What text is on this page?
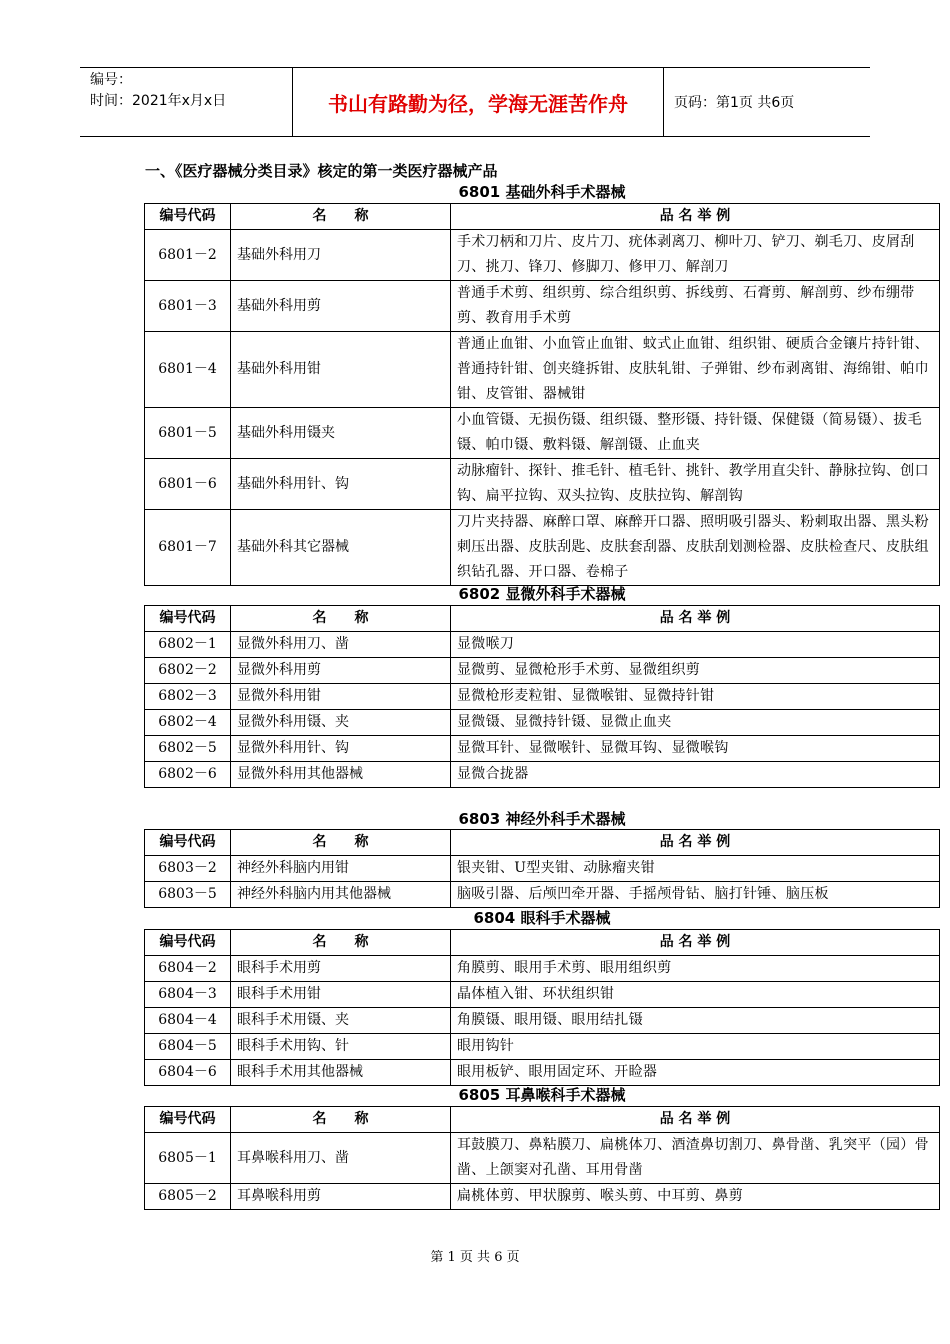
编号：
时间：2021年x月x日	书山有路勤为径，学海无涯苦作舟	页码：第1页 共6页
一、《医疗器械分类目录》核定的第一类医疗器械产品
6801 基础外科手术器械
编号代码	名　　称	品 名 举 例
6801－2	基础外科用刀	手术刀柄和刀片、皮片刀、疣体剥离刀、柳叶刀、铲刀、剃毛刀、皮屑刮刀、挑刀、锋刀、修脚刀、修甲刀、解剖刀
6801－3	基础外科用剪	普通手术剪、组织剪、综合组织剪、拆线剪、石膏剪、解剖剪、纱布绷带剪、教育用手术剪
6801－4	基础外科用钳	普通止血钳、小血管止血钳、蚊式止血钳、组织钳、硬质合金镶片持针钳、普通持针钳、创夹缝拆钳、皮肤轧钳、子弹钳、纱布剥离钳、海绵钳、帕巾钳、皮管钳、器械钳
6801－5	基础外科用镊夹	小血管镊、无损伤镊、组织镊、整形镊、持针镊、保健镊（简易镊）、拔毛镊、帕巾镊、敷料镊、解剖镊、止血夹
6801－6	基础外科用针、钩	动脉瘤针、探针、推毛针、植毛针、挑针、教学用直尖针、静脉拉钩、创口钩、扁平拉钩、双头拉钩、皮肤拉钩、解剖钩
6801－7	基础外科其它器械	刀片夹持器、麻醉口罩、麻醉开口器、照明吸引器头、粉刺取出器、黑头粉刺压出器、皮肤刮匙、皮肤套刮器、皮肤刮划测检器、皮肤检查尺、皮肤组织钻孔器、开口器、卷棉子
6802 显微外科手术器械
编号代码	名　　称	品 名 举 例
6802－1	显微外科用刀、凿	显微喉刀
6802－2	显微外科用剪	显微剪、显微枪形手术剪、显微组织剪
6802－3	显微外科用钳	显微枪形麦粒钳、显微喉钳、显微持针钳
6802－4	显微外科用镊、夹	显微镊、显微持针镊、显微止血夹
6802－5	显微外科用针、钩	显微耳针、显微喉针、显微耳钩、显微喉钩
6802－6	显微外科用其他器械	显微合拢器
6803 神经外科手术器械
编号代码	名　　称	品 名 举 例
6803－2	神经外科脑内用钳	银夹钳、U型夹钳、动脉瘤夹钳
6803－5	神经外科脑内用其他器械	脑吸引器、后颅凹牵开器、手摇颅骨钻、脑打针锤、脑压板
6804 眼科手术器械
编号代码	名　　称	品 名 举 例
6804－2	眼科手术用剪	角膜剪、眼用手术剪、眼用组织剪
6804－3	眼科手术用钳	晶体植入钳、环状组织钳
6804－4	眼科手术用镊、夹	角膜镊、眼用镊、眼用结扎镊
6804－5	眼科手术用钩、针	眼用钩针
6804－6	眼科手术用其他器械	眼用板铲、眼用固定环、开睑器
6805 耳鼻喉科手术器械
编号代码	名　　称	品 名 举 例
6805－1	耳鼻喉科用刀、凿	耳鼓膜刀、鼻粘膜刀、扁桃体刀、酒渣鼻切割刀、鼻骨凿、乳突平（园）骨凿、上颌窦对孔凿、耳用骨凿
6805－2	耳鼻喉科用剪	扁桃体剪、甲状腺剪、喉头剪、中耳剪、鼻剪
第 1 页 共 6 页
